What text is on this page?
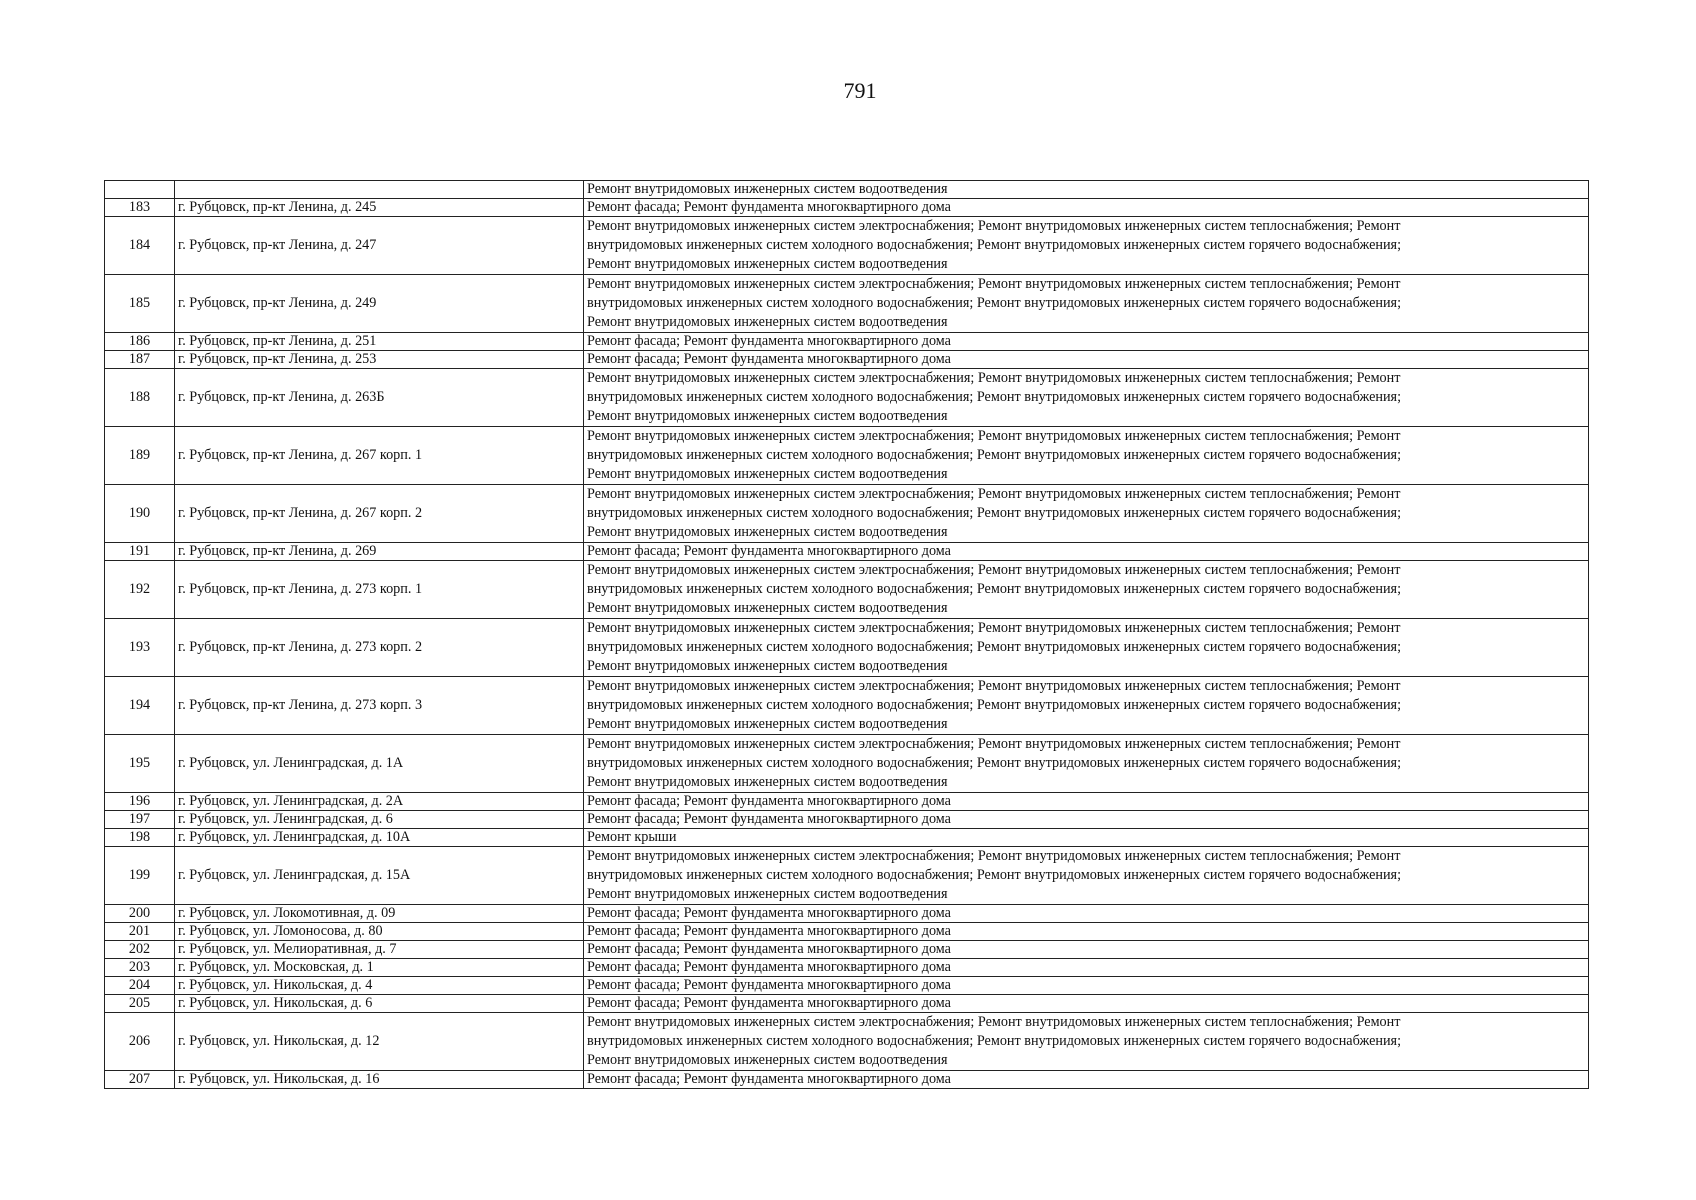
791

		Ремонт внутридомовых инженерных систем водоотведения

183	г. Рубцовск, пр-кт Ленина, д. 245	Ремонт фасада; Ремонт фундамента многоквартирного дома

184	г. Рубцовск, пр-кт Ленина, д. 247	Ремонт внутридомовых инженерных систем электроснабжения; Ремонт внутридомовых инженерных систем теплоснабжения; Ремонт
внутридомовых инженерных систем холодного водоснабжения; Ремонт внутридомовых инженерных систем горячего водоснабжения;
Ремонт внутридомовых инженерных систем водоотведения

185	г. Рубцовск, пр-кт Ленина, д. 249	Ремонт внутридомовых инженерных систем электроснабжения; Ремонт внутридомовых инженерных систем теплоснабжения; Ремонт
внутридомовых инженерных систем холодного водоснабжения; Ремонт внутридомовых инженерных систем горячего водоснабжения;
Ремонт внутридомовых инженерных систем водоотведения

186	г. Рубцовск, пр-кт Ленина, д. 251	Ремонт фасада; Ремонт фундамента многоквартирного дома

187	г. Рубцовск, пр-кт Ленина, д. 253	Ремонт фасада; Ремонт фундамента многоквартирного дома

188	г. Рубцовск, пр-кт Ленина, д. 263Б	Ремонт внутридомовых инженерных систем электроснабжения; Ремонт внутридомовых инженерных систем теплоснабжения; Ремонт
внутридомовых инженерных систем холодного водоснабжения; Ремонт внутридомовых инженерных систем горячего водоснабжения;
Ремонт внутридомовых инженерных систем водоотведения

189	г. Рубцовск, пр-кт Ленина, д. 267 корп. 1	Ремонт внутридомовых инженерных систем электроснабжения; Ремонт внутридомовых инженерных систем теплоснабжения; Ремонт
внутридомовых инженерных систем холодного водоснабжения; Ремонт внутридомовых инженерных систем горячего водоснабжения;
Ремонт внутридомовых инженерных систем водоотведения

190	г. Рубцовск, пр-кт Ленина, д. 267 корп. 2	Ремонт внутридомовых инженерных систем электроснабжения; Ремонт внутридомовых инженерных систем теплоснабжения; Ремонт
внутридомовых инженерных систем холодного водоснабжения; Ремонт внутридомовых инженерных систем горячего водоснабжения;
Ремонт внутридомовых инженерных систем водоотведения

191	г. Рубцовск, пр-кт Ленина, д. 269	Ремонт фасада; Ремонт фундамента многоквартирного дома

192	г. Рубцовск, пр-кт Ленина, д. 273 корп. 1	Ремонт внутридомовых инженерных систем электроснабжения; Ремонт внутридомовых инженерных систем теплоснабжения; Ремонт
внутридомовых инженерных систем холодного водоснабжения; Ремонт внутридомовых инженерных систем горячего водоснабжения;
Ремонт внутридомовых инженерных систем водоотведения

193	г. Рубцовск, пр-кт Ленина, д. 273 корп. 2	Ремонт внутридомовых инженерных систем электроснабжения; Ремонт внутридомовых инженерных систем теплоснабжения; Ремонт
внутридомовых инженерных систем холодного водоснабжения; Ремонт внутридомовых инженерных систем горячего водоснабжения;
Ремонт внутридомовых инженерных систем водоотведения

194	г. Рубцовск, пр-кт Ленина, д. 273 корп. 3	Ремонт внутридомовых инженерных систем электроснабжения; Ремонт внутридомовых инженерных систем теплоснабжения; Ремонт
внутридомовых инженерных систем холодного водоснабжения; Ремонт внутридомовых инженерных систем горячего водоснабжения;
Ремонт внутридомовых инженерных систем водоотведения

195	г. Рубцовск, ул. Ленинградская, д. 1А	Ремонт внутридомовых инженерных систем электроснабжения; Ремонт внутридомовых инженерных систем теплоснабжения; Ремонт
внутридомовых инженерных систем холодного водоснабжения; Ремонт внутридомовых инженерных систем горячего водоснабжения;
Ремонт внутридомовых инженерных систем водоотведения

196	г. Рубцовск, ул. Ленинградская, д. 2А	Ремонт фасада; Ремонт фундамента многоквартирного дома

197	г. Рубцовск, ул. Ленинградская, д. 6	Ремонт фасада; Ремонт фундамента многоквартирного дома

198	г. Рубцовск, ул. Ленинградская, д. 10А	Ремонт крыши

199	г. Рубцовск, ул. Ленинградская, д. 15А	Ремонт внутридомовых инженерных систем электроснабжения; Ремонт внутридомовых инженерных систем теплоснабжения; Ремонт
внутридомовых инженерных систем холодного водоснабжения; Ремонт внутридомовых инженерных систем горячего водоснабжения;
Ремонт внутридомовых инженерных систем водоотведения

200	г. Рубцовск, ул. Локомотивная, д. 09	Ремонт фасада; Ремонт фундамента многоквартирного дома

201	г. Рубцовск, ул. Ломоносова, д. 80	Ремонт фасада; Ремонт фундамента многоквартирного дома

202	г. Рубцовск, ул. Мелиоративная, д. 7	Ремонт фасада; Ремонт фундамента многоквартирного дома

203	г. Рубцовск, ул. Московская, д. 1	Ремонт фасада; Ремонт фундамента многоквартирного дома

204	г. Рубцовск, ул. Никольская, д. 4	Ремонт фасада; Ремонт фундамента многоквартирного дома

205	г. Рубцовск, ул. Никольская, д. 6	Ремонт фасада; Ремонт фундамента многоквартирного дома

206	г. Рубцовск, ул. Никольская, д. 12	Ремонт внутридомовых инженерных систем электроснабжения; Ремонт внутридомовых инженерных систем теплоснабжения; Ремонт
внутридомовых инженерных систем холодного водоснабжения; Ремонт внутридомовых инженерных систем горячего водоснабжения;
Ремонт внутридомовых инженерных систем водоотведения

207	г. Рубцовск, ул. Никольская, д. 16	Ремонт фасада; Ремонт фундамента многоквартирного дома
